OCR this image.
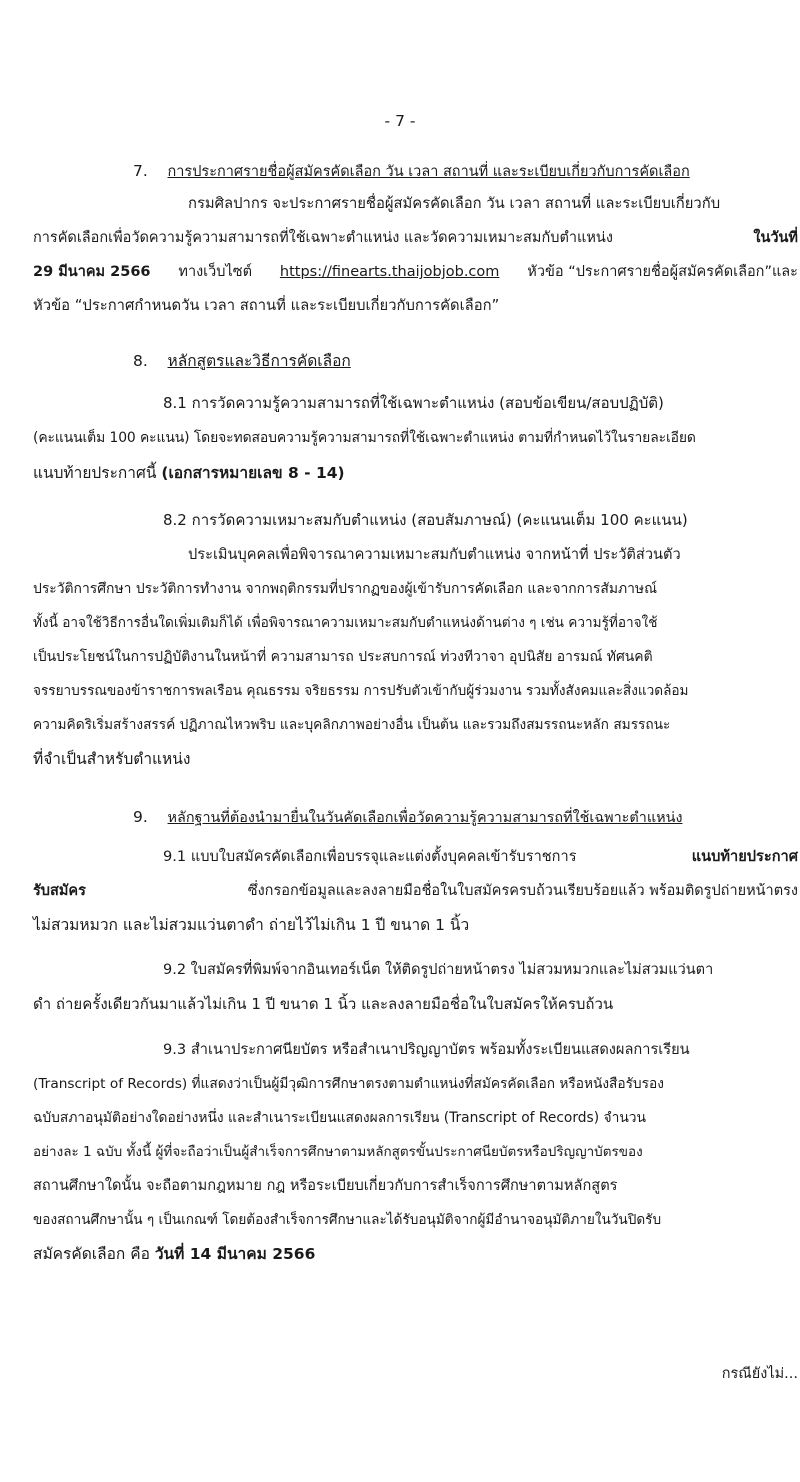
- 7 -
7. การประกาศรายชื่อผู้สมัครคัดเลือก วัน เวลา สถานที่ และระเบียบเกี่ยวกับการคัดเลือก
กรมศิลปากร จะประกาศรายชื่อผู้สมัครคัดเลือก วัน เวลา สถานที่ และระเบียบเกี่ยวกับ
การคัดเลือกเพื่อวัดความรู้ความสามารถที่ใช้เฉพาะตำแหน่ง และวัดความเหมาะสมกับตำแหน่ง	ในวันที่
29 มีนาคม 2566 ทางเว็บไซต์ https://finearts.thaijobjob.com หัวข้อ “ประกาศรายชื่อผู้สมัครคัดเลือก”และ
หัวข้อ “ประกาศกำหนดวัน เวลา สถานที่ และระเบียบเกี่ยวกับการคัดเลือก”
8. หลักสูตรและวิธีการคัดเลือก
8.1 การวัดความรู้ความสามารถที่ใช้เฉพาะตำแหน่ง (สอบข้อเขียน/สอบปฏิบัติ)
(คะแนนเต็ม 100 คะแนน) โดยจะทดสอบความรู้ความสามารถที่ใช้เฉพาะตำแหน่ง ตามที่กำหนดไว้ในรายละเอียด
แนบท้ายประกาศนี้ (เอกสารหมายเลข 8 - 14)
8.2 การวัดความเหมาะสมกับตำแหน่ง (สอบสัมภาษณ์) (คะแนนเต็ม 100 คะแนน)
ประเมินบุคคลเพื่อพิจารณาความเหมาะสมกับตำแหน่ง จากหน้าที่ ประวัติส่วนตัว
ประวัติการศึกษา ประวัติการทำงาน จากพฤติกรรมที่ปรากฏของผู้เข้ารับการคัดเลือก และจากการสัมภาษณ์
ทั้งนี้ อาจใช้วิธีการอื่นใดเพิ่มเติมก็ได้ เพื่อพิจารณาความเหมาะสมกับตำแหน่งด้านต่าง ๆ เช่น ความรู้ที่อาจใช้
เป็นประโยชน์ในการปฏิบัติงานในหน้าที่ ความสามารถ ประสบการณ์ ท่วงทีวาจา อุปนิสัย อารมณ์ ทัศนคติ
จรรยาบรรณของข้าราชการพลเรือน คุณธรรม จริยธรรม การปรับตัวเข้ากับผู้ร่วมงาน รวมทั้งสังคมและสิ่งแวดล้อม
ความคิดริเริ่มสร้างสรรค์ ปฏิภาณไหวพริบ และบุคลิกภาพอย่างอื่น เป็นต้น และรวมถึงสมรรถนะหลัก สมรรถนะ
ที่จำเป็นสำหรับตำแหน่ง
9. หลักฐานที่ต้องนำมายื่นในวันคัดเลือกเพื่อวัดความรู้ความสามารถที่ใช้เฉพาะตำแหน่ง
9.1 แบบใบสมัครคัดเลือกเพื่อบรรจุและแต่งตั้งบุคคลเข้ารับราชการ	แนบท้ายประกาศ
รับสมัคร	ซึ่งกรอกข้อมูลและลงลายมือชื่อในใบสมัครครบถ้วนเรียบร้อยแล้ว พร้อมติดรูปถ่ายหน้าตรง
ไม่สวมหมวก และไม่สวมแว่นตาดำ ถ่ายไว้ไม่เกิน 1 ปี ขนาด 1 นิ้ว
9.2 ใบสมัครที่พิมพ์จากอินเทอร์เน็ต ให้ติดรูปถ่ายหน้าตรง ไม่สวมหมวกและไม่สวมแว่นตา
ดำ ถ่ายครั้งเดียวกันมาแล้วไม่เกิน 1 ปี ขนาด 1 นิ้ว และลงลายมือชื่อในใบสมัครให้ครบถ้วน
9.3 สำเนาประกาศนียบัตร หรือสำเนาปริญญาบัตร พร้อมทั้งระเบียนแสดงผลการเรียน
(Transcript of Records) ที่แสดงว่าเป็นผู้มีวุฒิการศึกษาตรงตามตำแหน่งที่สมัครคัดเลือก หรือหนังสือรับรอง
ฉบับสภาอนุมัติอย่างใดอย่างหนึ่ง และสำเนาระเบียนแสดงผลการเรียน (Transcript of Records) จำนวน
อย่างละ 1 ฉบับ ทั้งนี้ ผู้ที่จะถือว่าเป็นผู้สำเร็จการศึกษาตามหลักสูตรขั้นประกาศนียบัตรหรือปริญญาบัตรของ
สถานศึกษาใดนั้น จะถือตามกฎหมาย กฎ หรือระเบียบเกี่ยวกับการสำเร็จการศึกษาตามหลักสูตร
ของสถานศึกษานั้น ๆ เป็นเกณฑ์ โดยต้องสำเร็จการศึกษาและได้รับอนุมัติจากผู้มีอำนาจอนุมัติภายในวันปิดรับ
สมัครคัดเลือก คือ วันที่ 14 มีนาคม 2566
กรณียังไม่...
